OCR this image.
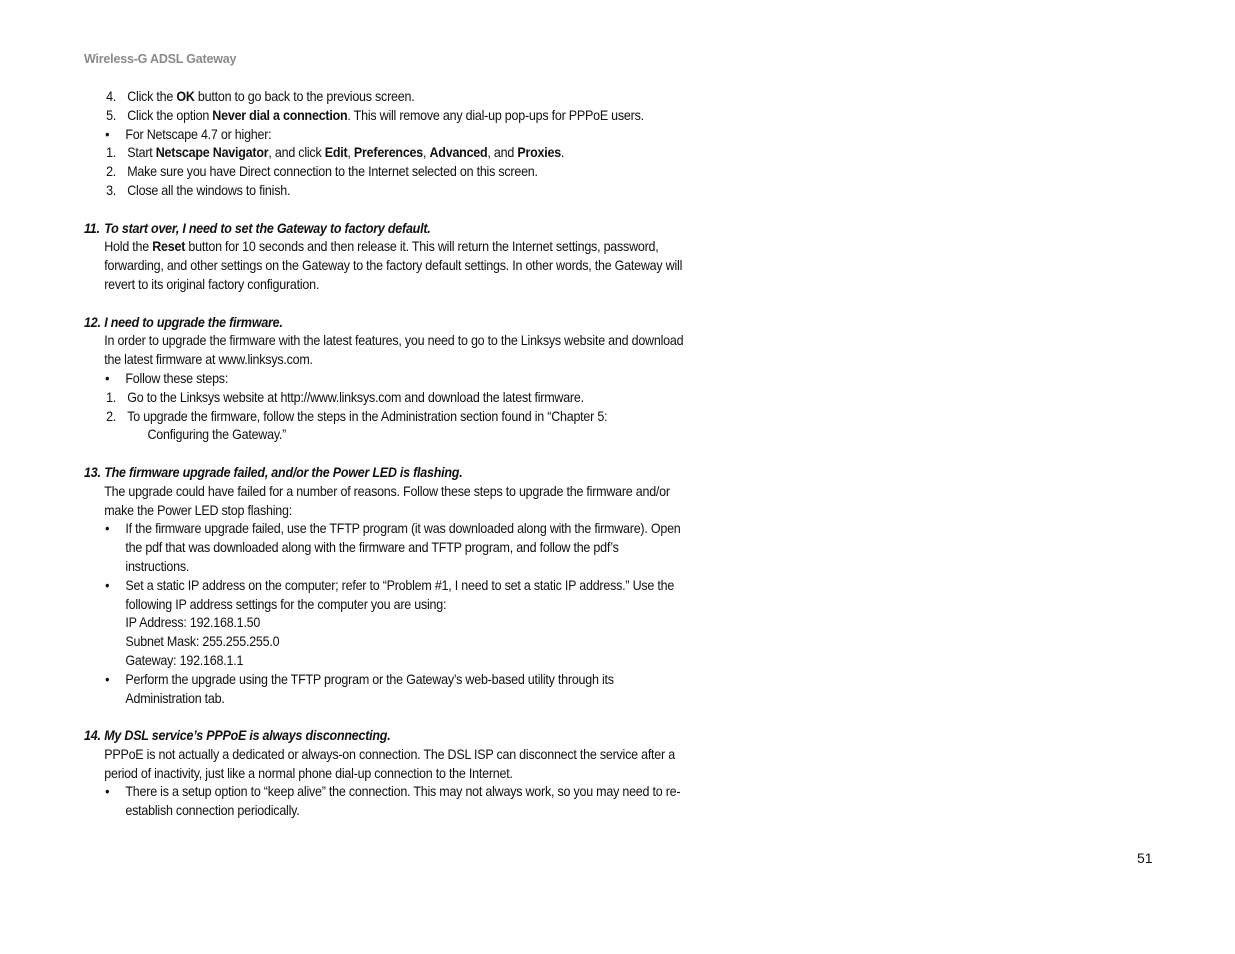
Wireless-G ADSL Gateway
4. Click the OK button to go back to the previous screen.
5. Click the option Never dial a connection. This will remove any dial-up pop-ups for PPPoE users.
• For Netscape 4.7 or higher:
1. Start Netscape Navigator, and click Edit, Preferences, Advanced, and Proxies.
2. Make sure you have Direct connection to the Internet selected on this screen.
3. Close all the windows to finish.
11. To start over, I need to set the Gateway to factory default.
Hold the Reset button for 10 seconds and then release it. This will return the Internet settings, password,
forwarding, and other settings on the Gateway to the factory default settings. In other words, the Gateway will
revert to its original factory configuration.
12. I need to upgrade the firmware.
In order to upgrade the firmware with the latest features, you need to go to the Linksys website and download
the latest firmware at www.linksys.com.
• Follow these steps:
1. Go to the Linksys website at http://www.linksys.com and download the latest firmware.
2. To upgrade the firmware, follow the steps in the Administration section found in “Chapter 5:
Configuring the Gateway.”
13. The firmware upgrade failed, and/or the Power LED is flashing.
The upgrade could have failed for a number of reasons. Follow these steps to upgrade the firmware and/or
make the Power LED stop flashing:
• If the firmware upgrade failed, use the TFTP program (it was downloaded along with the firmware). Open
the pdf that was downloaded along with the firmware and TFTP program, and follow the pdf’s
instructions.
• Set a static IP address on the computer; refer to “Problem #1, I need to set a static IP address.” Use the
following IP address settings for the computer you are using:
IP Address: 192.168.1.50
Subnet Mask: 255.255.255.0
Gateway: 192.168.1.1
• Perform the upgrade using the TFTP program or the Gateway’s web-based utility through its
Administration tab.
14. My DSL service’s PPPoE is always disconnecting.
PPPoE is not actually a dedicated or always-on connection. The DSL ISP can disconnect the service after a
period of inactivity, just like a normal phone dial-up connection to the Internet.
• There is a setup option to “keep alive” the connection. This may not always work, so you may need to re-
establish connection periodically.
51
